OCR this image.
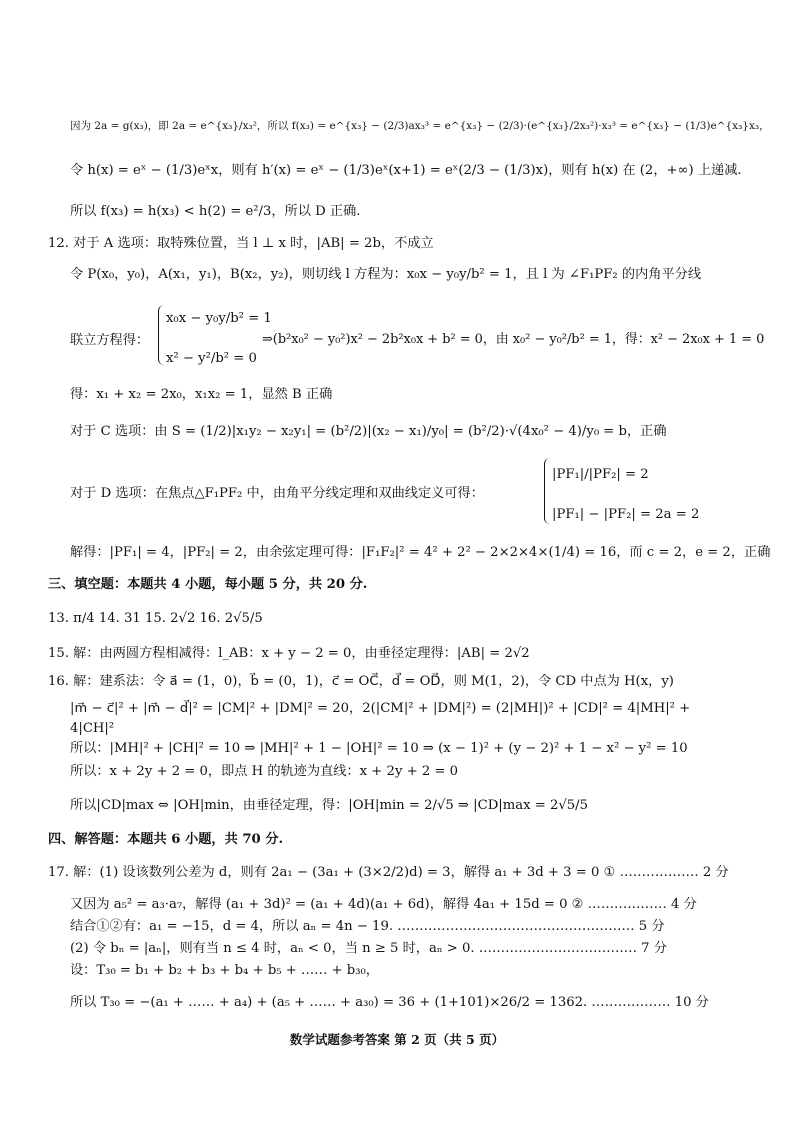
因为 2a = g(x₃)，即 2a = e^{x₃}/x₃²，所以 f(x₃) = e^{x₃} − (2/3)ax₃³ = e^{x₃} − (2/3)·(e^{x₃}/2x₃²)·x₃³ = e^{x₃} − (1/3)e^{x₃}x₃，
令 h(x) = eˣ − (1/3)eˣx，则有 h′(x) = eˣ − (1/3)eˣ(x+1) = eˣ(2/3 − (1/3)x)，则有 h(x) 在 (2，+∞) 上递减.
所以 f(x₃) = h(x₃) < h(2) = e²/3，所以 D 正确.
12. 对于 A 选项：取特殊位置，当 l ⊥ x 时，|AB| = 2b，不成立
令 P(x₀，y₀)，A(x₁，y₁)，B(x₂，y₂)，则切线 l 方程为：x₀x − y₀y/b² = 1，且 l 为 ∠F₁PF₂ 的内角平分线
联立方程得：
x₀x − y₀y/b² = 1
x² − y²/b² = 0
⇒(b²x₀² − y₀²)x² − 2b²x₀x + b² = 0，由 x₀² − y₀²/b² = 1，得：x² − 2x₀x + 1 = 0
得：x₁ + x₂ = 2x₀，x₁x₂ = 1，显然 B 正确
对于 C 选项：由 S = (1/2)|x₁y₂ − x₂y₁| = (b²/2)|(x₂ − x₁)/y₀| = (b²/2)·√(4x₀² − 4)/y₀ = b，正确
对于 D 选项：在焦点△F₁PF₂ 中，由角平分线定理和双曲线定义可得：
|PF₁|/|PF₂| = 2
|PF₁| − |PF₂| = 2a = 2
解得：|PF₁| = 4，|PF₂| = 2，由余弦定理可得：|F₁F₂|² = 4² + 2² − 2×2×4×(1/4) = 16，而 c = 2，e = 2，正确
三、填空题：本题共 4 小题，每小题 5 分，共 20 分.
13. π/4 14. 31 15. 2√2 16. 2√5/5
15. 解：由两圆方程相减得：l_AB：x + y − 2 = 0，由垂径定理得：|AB| = 2√2
16. 解：建系法：令 a⃗ = (1，0)，b⃗ = (0，1)，c⃗ = OC⃗，d⃗ = OD⃗，则 M(1，2)，令 CD 中点为 H(x，y)
|m⃗ − c⃗|² + |m⃗ − d⃗|² = |CM|² + |DM|² = 20，2(|CM|² + |DM|²) = (2|MH|)² + |CD|² = 4|MH|² +
4|CH|²
所以：|MH|² + |CH|² = 10 ⇒ |MH|² + 1 − |OH|² = 10 ⇒ (x − 1)² + (y − 2)² + 1 − x² − y² = 10
所以：x + 2y + 2 = 0，即点 H 的轨迹为直线：x + 2y + 2 = 0
所以|CD|max ⇔ |OH|min，由垂径定理，得：|OH|min = 2/√5 ⇒ |CD|max = 2√5/5
四、解答题：本题共 6 小题，共 70 分.
17. 解：(1) 设该数列公差为 d，则有 2a₁ − (3a₁ + (3×2/2)d) = 3，解得 a₁ + 3d + 3 = 0 ① ……………… 2 分
又因为 a₅² = a₃·a₇，解得 (a₁ + 3d)² = (a₁ + 4d)(a₁ + 6d)，解得 4a₁ + 15d = 0 ② ……………… 4 分
结合①②有：a₁ = −15，d = 4，所以 aₙ = 4n − 19. ……………………………………………… 5 分
(2) 令 bₙ = |aₙ|，则有当 n ≤ 4 时，aₙ < 0，当 n ≥ 5 时，aₙ > 0. ……………………………… 7 分
设：T₃₀ = b₁ + b₂ + b₃ + b₄ + b₅ + …… + b₃₀，
所以 T₃₀ = −(a₁ + …… + a₄) + (a₅ + …… + a₃₀) = 36 + (1+101)×26/2 = 1362. ……………… 10 分
数学试题参考答案 第 2 页（共 5 页）
